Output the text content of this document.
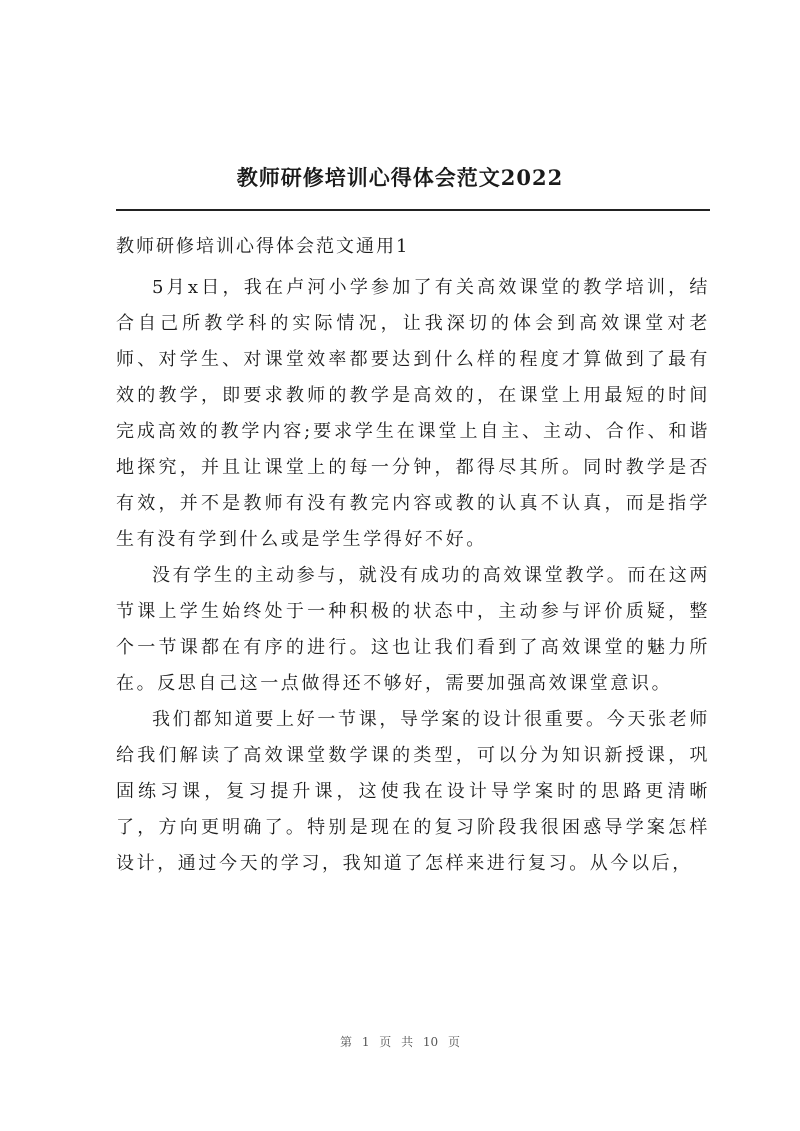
教师研修培训心得体会范文2022
教师研修培训心得体会范文通用1

5月x日，我在卢河小学参加了有关高效课堂的教学培训，结合自己所教学科的实际情况，让我深切的体会到高效课堂对老师、对学生、对课堂效率都要达到什么样的程度才算做到了最有效的教学，即要求教师的教学是高效的，在课堂上用最短的时间完成高效的教学内容;要求学生在课堂上自主、主动、合作、和谐地探究，并且让课堂上的每一分钟，都得尽其所。同时教学是否有效，并不是教师有没有教完内容或教的认真不认真，而是指学生有没有学到什么或是学生学得好不好。

没有学生的主动参与，就没有成功的高效课堂教学。而在这两节课上学生始终处于一种积极的状态中，主动参与评价质疑，整个一节课都在有序的进行。这也让我们看到了高效课堂的魅力所在。反思自己这一点做得还不够好，需要加强高效课堂意识。

我们都知道要上好一节课，导学案的设计很重要。今天张老师给我们解读了高效课堂数学课的类型，可以分为知识新授课，巩固练习课，复习提升课，这使我在设计导学案时的思路更清晰了，方向更明确了。特别是现在的复习阶段我很困惑导学案怎样设计，通过今天的学习，我知道了怎样来进行复习。从今以后，

第 1 页 共 10 页
